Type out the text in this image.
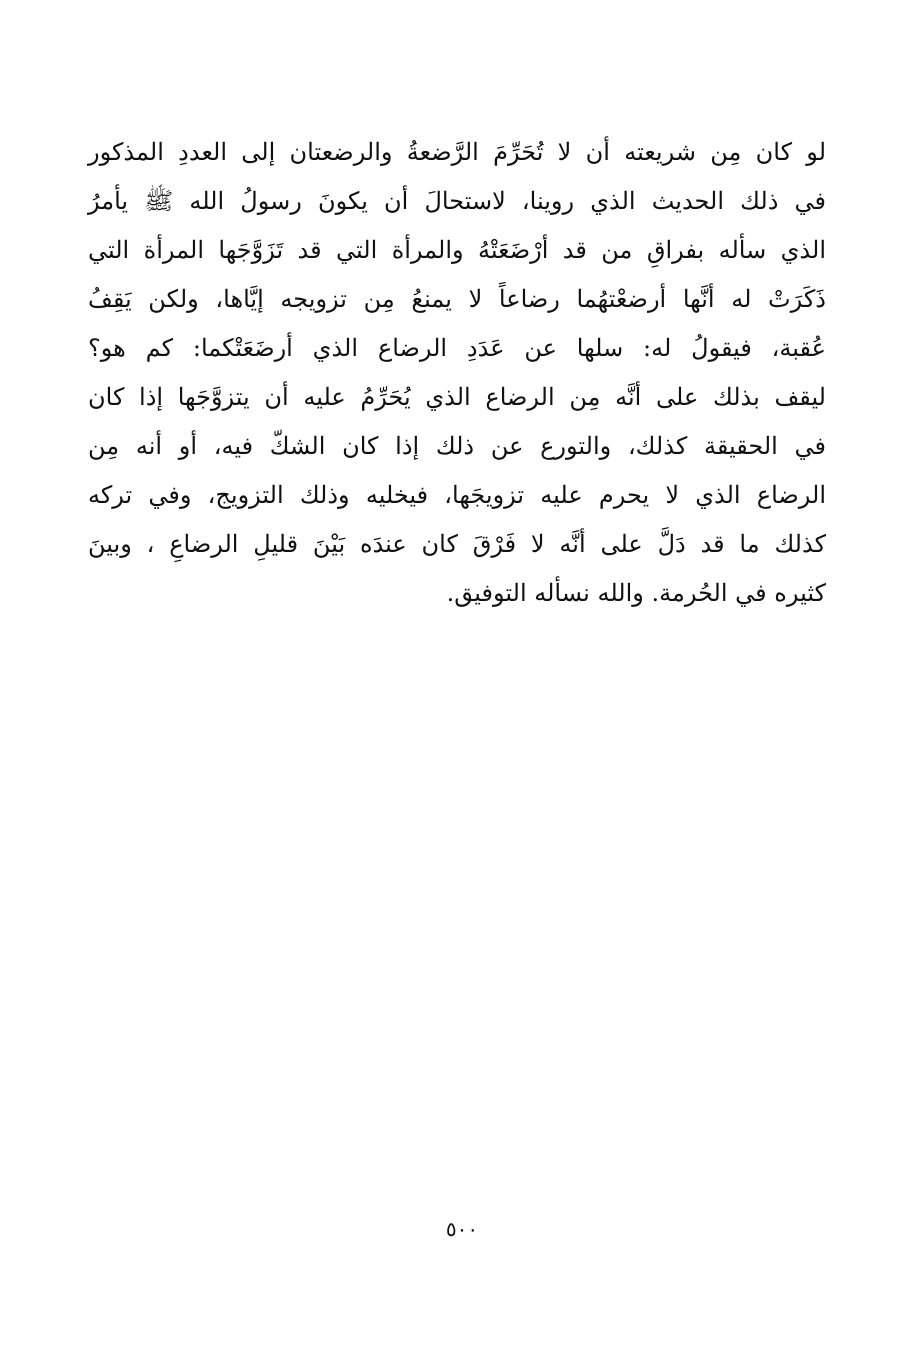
لو كان مِن شريعته أن لا تُحَرِّمَ الرَّضعةُ والرضعتان إلى العددِ المذكور
في ذلك الحديث الذي روينا، لاستحالَ أن يكونَ رسولُ الله ﷺ يأمرُ
الذي سأله بفراقِ من قد أرْضَعَتْهُ والمرأة التي قد تَزَوَّجَها المرأة التي
ذَكَرَتْ له أنَّها أرضعْتهُما رضاعاً لا يمنعُ مِن تزويجه إيَّاها، ولكن يَقِفُ
عُقبة، فيقولُ له: سلها عن عَدَدِ الرضاع الذي أرضَعَتْكما: كم هو؟
ليقف بذلك على أنَّه مِن الرضاع الذي يُحَرِّمُ عليه أن يتزوَّجَها إذا كان
في الحقيقة كذلك، والتورع عن ذلك إذا كان الشكّ فيه، أو أنه مِن
الرضاع الذي لا يحرم عليه تزويجَها، فيخليه وذلك التزويج، وفي تركه
كذلك ما قد دَلَّ على أنَّه لا فَرْقَ كان عندَه بَيْنَ قليلِ الرضاعِ ، وبينَ
كثيره في الحُرمة. والله نسأله التوفيق.
٥٠٠
